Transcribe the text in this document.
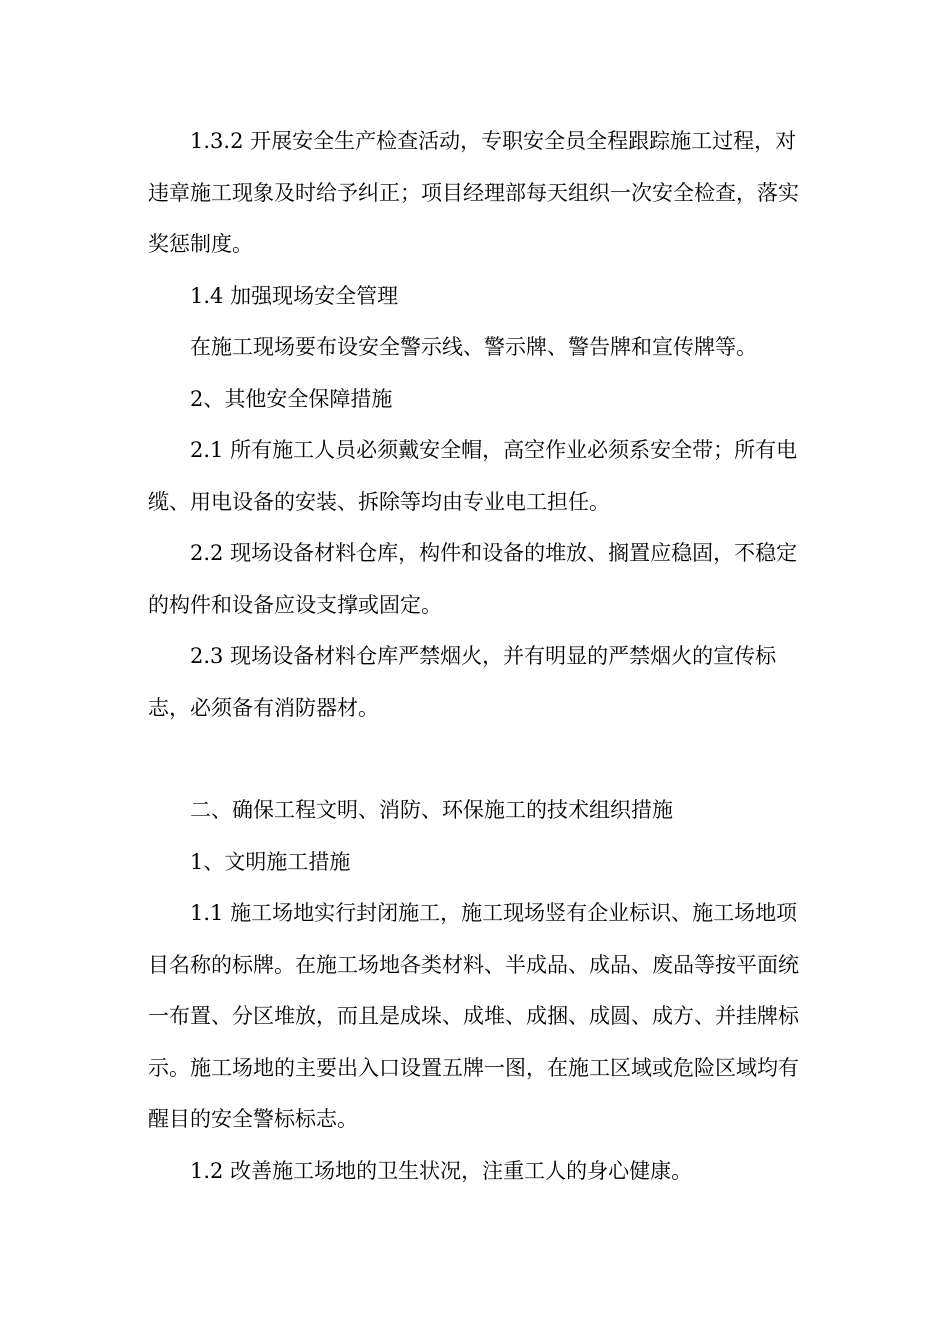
1.3.2 开展安全生产检查活动，专职安全员全程跟踪施工过程，对违章施工现象及时给予纠正；项目经理部每天组织一次安全检查，落实奖惩制度。

1.4 加强现场安全管理

在施工现场要布设安全警示线、警示牌、警告牌和宣传牌等。

2、其他安全保障措施

2.1 所有施工人员必须戴安全帽，高空作业必须系安全带；所有电缆、用电设备的安装、拆除等均由专业电工担任。

2.2 现场设备材料仓库，构件和设备的堆放、搁置应稳固，不稳定的构件和设备应设支撑或固定。

2.3 现场设备材料仓库严禁烟火，并有明显的严禁烟火的宣传标志，必须备有消防器材。

二、确保工程文明、消防、环保施工的技术组织措施

1、文明施工措施

1.1 施工场地实行封闭施工，施工现场竖有企业标识、施工场地项目名称的标牌。在施工场地各类材料、半成品、成品、废品等按平面统一布置、分区堆放，而且是成垛、成堆、成捆、成圆、成方、并挂牌标示。施工场地的主要出入口设置五牌一图，在施工区域或危险区域均有醒目的安全警标标志。

1.2 改善施工场地的卫生状况，注重工人的身心健康。
